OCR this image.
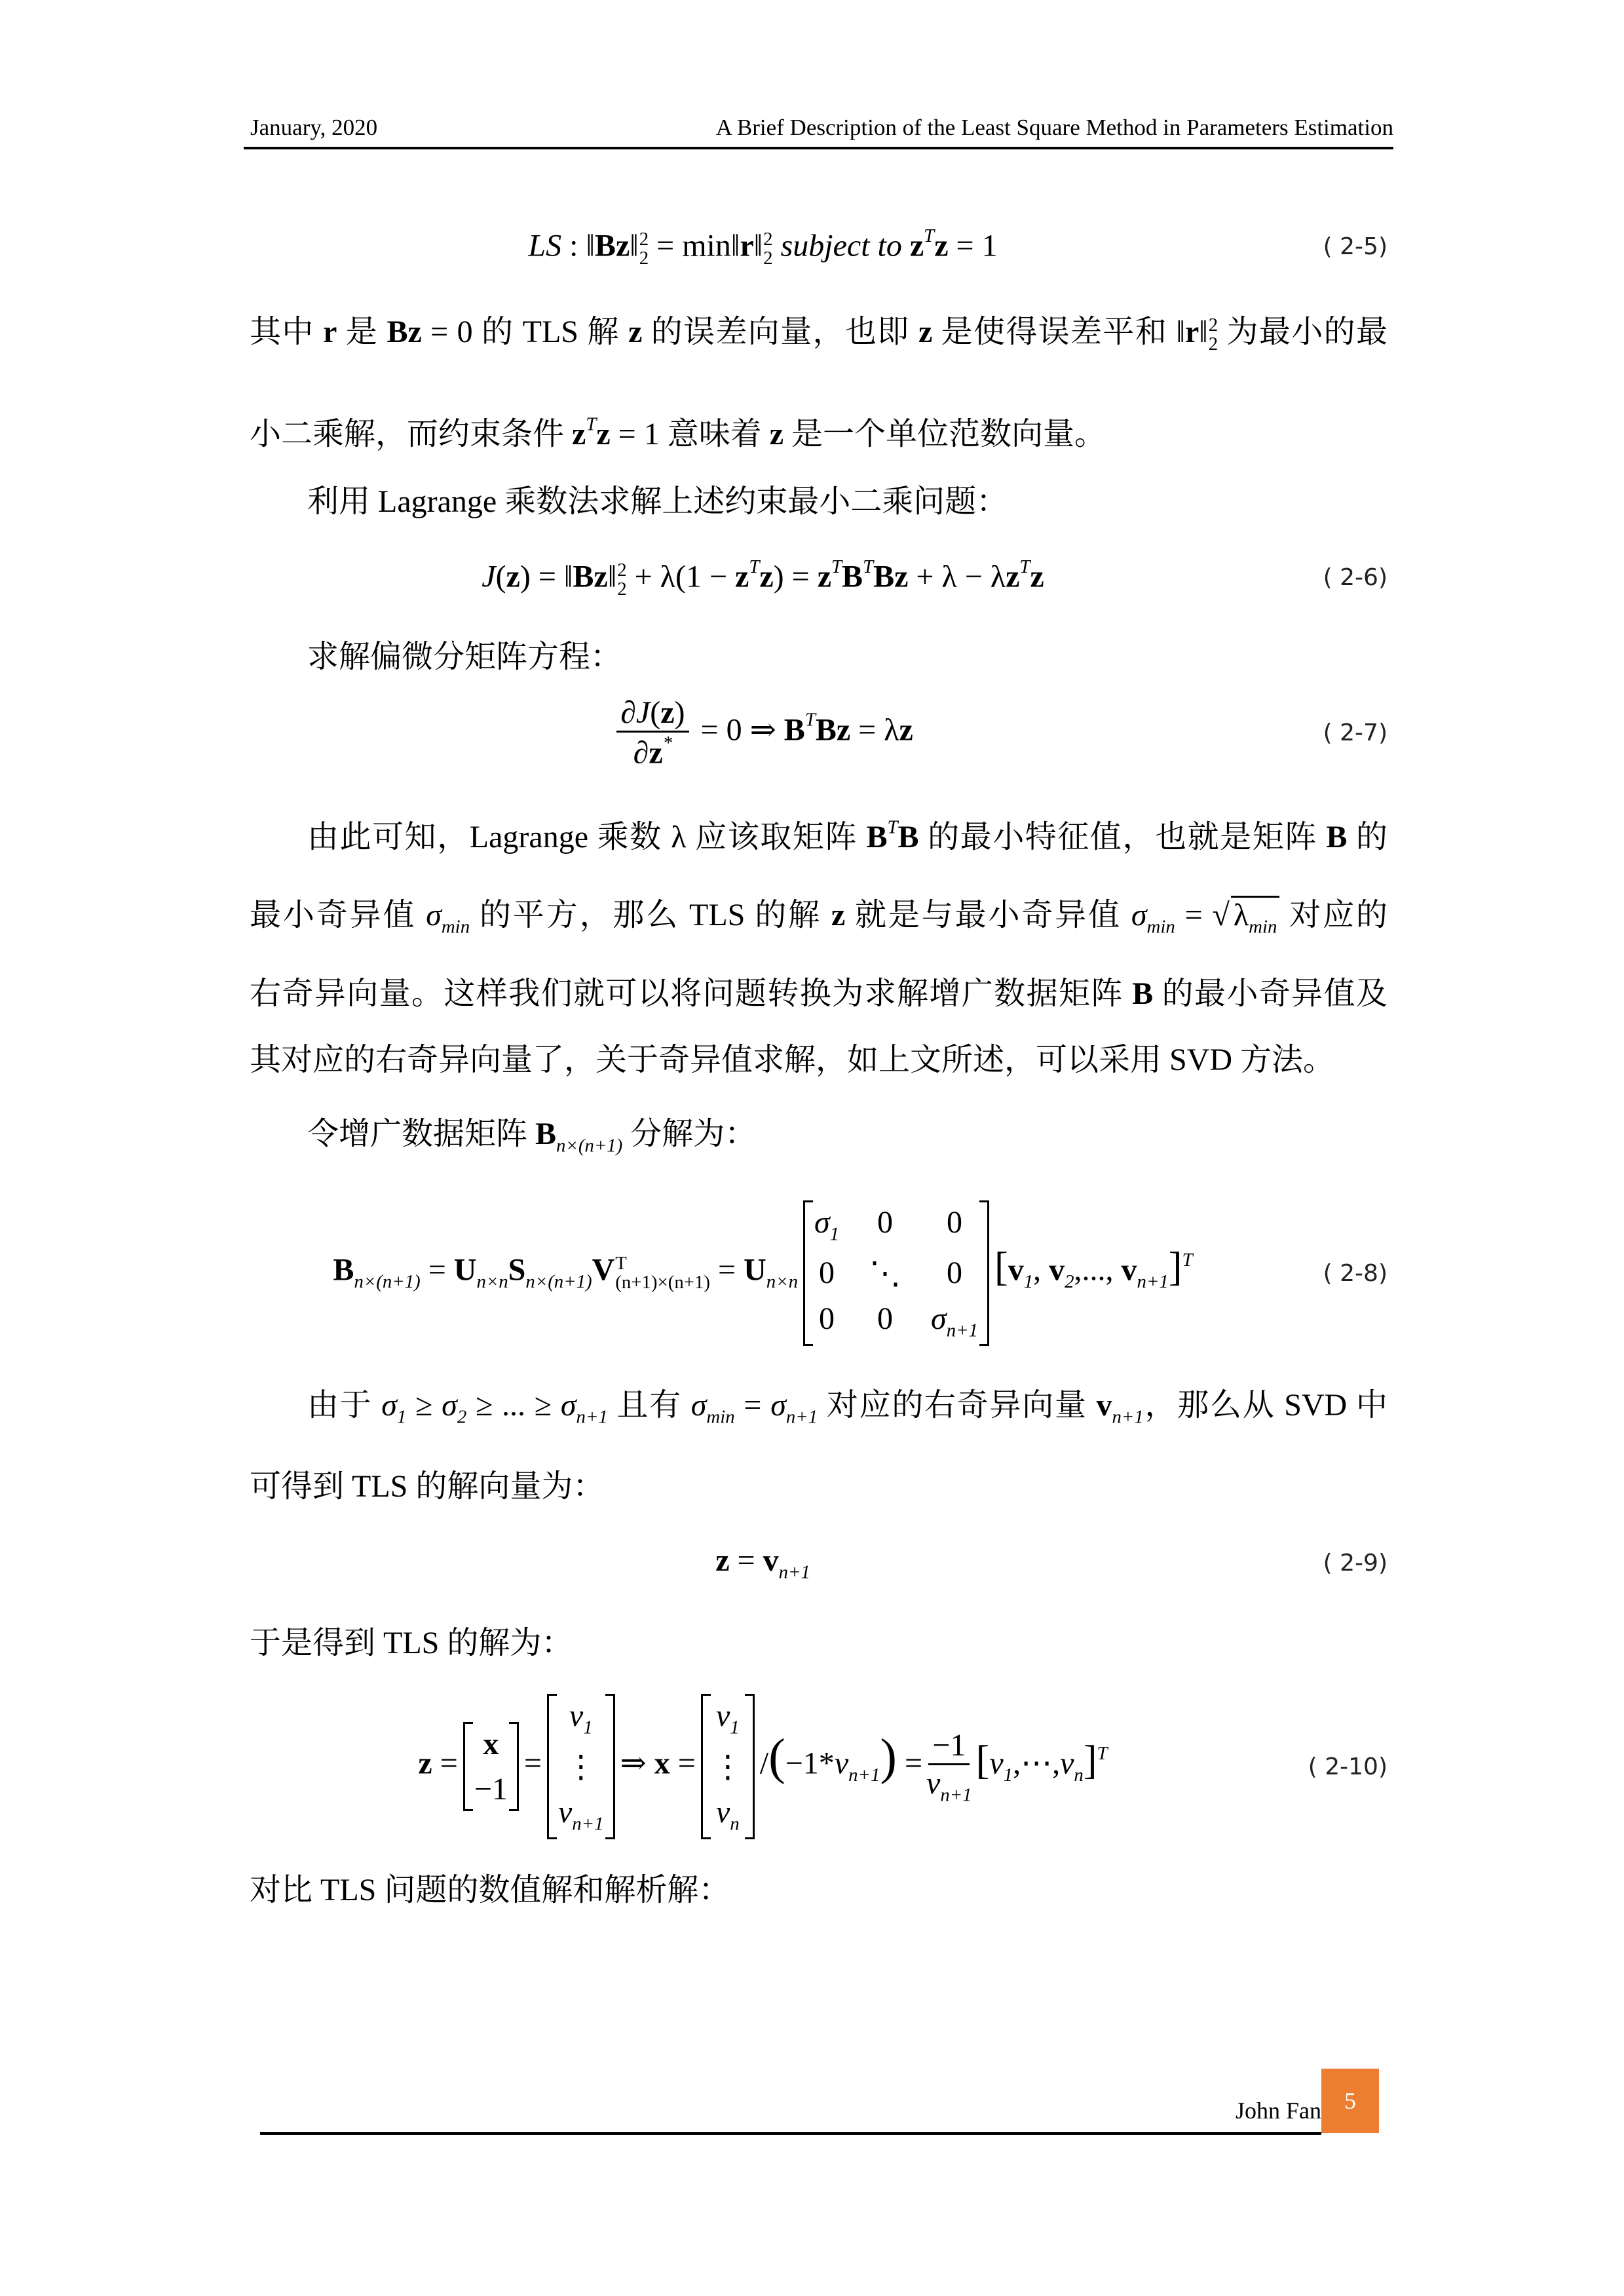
January, 2020	A Brief Description of the Least Square Method in Parameters Estimation
LS : ‖Bz‖ 2
2 = min‖r‖ 2
2 subject to $z^Tz = 1$	( 2-5)
其中 r 是 Bz = 0 的 TLS 解 z 的误差向量，也即 z 是使得误差平和 ‖r‖ 2
2 为最小的最
小二乘解，而约束条件 $z^Tz = 1$ 意味着 z 是一个单位范数向量。
利用 Lagrange 乘数法求解上述约束最小二乘问题：
J(z) = ‖Bz‖ 2
$2 + \lambda(1 - z^Tz) = z^TB^TBz + \lambda - \lambda z^Tz$	( 2-6)
求解偏微分矩阵方程：
$\frac{\partial J(z)}{\partial z^*} = 0$ ⇒ $B^TBz = \lambda z$	( 2-7)
由此可知，Lagrange 乘数 λ 应该取矩阵 $B^TB$ 的最小特征值，也就是矩阵 B 的
最小奇异值 $\sigma_{min}$ 的平方，那么 TLS 的解 z 就是与最小奇异值 $\sigma_{min}$ = √ $\lambda_{min}$ 对应的
右奇异向量。这样我们就可以将问题转换为求解增广数据矩阵 B 的最小奇异值及
其对应的右奇异向量了，关于奇异值求解，如上文所述，可以采用 SVD 方法。
令增广数据矩阵 $B_{n\times(n+1)}$ 分解为：
$B_{n\times(n+1)} = U_{n\times n}S_{n\times(n+1)}V$ T
$(n+1)\times(n+1) = U_{n\times n}$
$\sigma_1$ 0	0
0 ⋱	0
0 0 $\sigma_{n+1}$
[$v_1$, $v_2$,..., $v_{n+1}]^T$	( 2-8)
由于 $\sigma_1 \ge \sigma_2$ ≥ ... ≥ $\sigma_{n+1}$ 且有 $\sigma_{min} = \sigma_{n+1}$ 对应的右奇异向量 $v_{n+1}$，那么从 SVD 中
可得到 TLS 的解向量为：
$z = v_{n+1}$	( 2-9)
于是得到 TLS 的解为：
z =
x
−1
=
$v_1$
⋮
$v_{n+1}$
⇒ x =
$v_1$
⋮
$v_n$
$/(-1*v_{n+1}) = \frac{-1}{v_{n+1}}$ $[v_1,\cdots,v_n]^T$	( 2-10)
对比 TLS 问题的数值解和解析解：
John Fan 5
